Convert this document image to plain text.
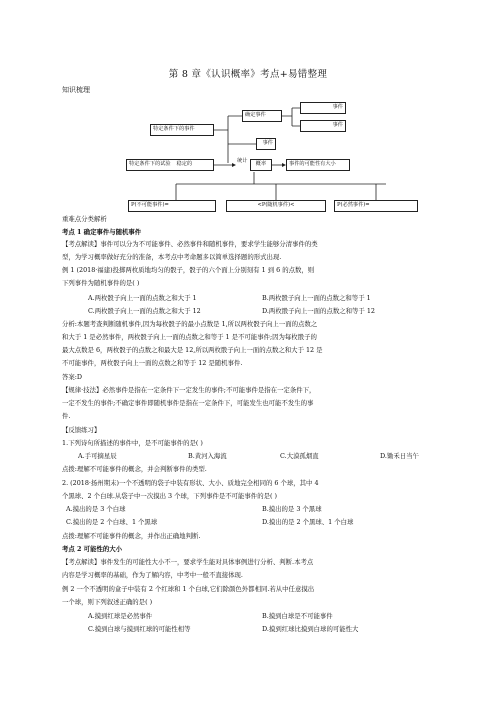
第 8 章《认识概率》考点+易错整理
知识梳理
特定条件下的事件
确定事件
事件
事件
事件
特定条件下的试验 稳定的
统计
概率	事件的可能性有大小
P(不可能事件)=	<P(随机事件)<	P(必然事件)=
重难点分类解析
考点 1 确定事件与随机事件
【考点解读】事件可以分为不可能事件、必然事件和随机事件，要求学生能够分清事件的类
型，为学习概率做好充分的准备，本考点中考命题多以简单选择题的形式出现.
例 1 (2018·福建)投掷两枚质地均匀的骰子，骰子的六个面上分别刻有 1 到 6 的点数，则
下列事件为随机事件的是( )
A.两枚骰子向上一面的点数之和大于 1	B.两枚骰子向上一面的点数之和等于 1
C.两枚骰子向上一面的点数之和大于 12	D.两枚骰子向上一面的点数之和等于 12
分析:本题考查判断随机事件,因为每枚骰子的最小点数是 1,所以两枚骰子向上一面的点数之
和大于 1 是必然事件，两枚骰子向上一面的点数之和等于 1 是不可能事件;因为每枚骰子的
最大点数是 6，两枚骰子的点数之和最大是 12,所以两枚骰子向上一面的点数之和大于 12 是
不可能事件，两枚骰子向上一面的点数之和等于 12 是随机事件.
答案:D
【规律·技法】必然事件是指在一定条件下一定发生的事件;不可能事件是指在一定条件下，
一定不发生的事件;不确定事件即随机事件是指在一定条件下，可能发生也可能不发生的事
件.
【反馈练习】
1.下列诗句所描述的事件中，是不可能事件的是( )
A.手可摘星辰	B.黄河入海流	C.大漠孤烟直	D.锄禾日当午
点拨:理解不可能事件的概念，并会判断事件的类型.
2. (2018·扬州期末)一个不透明的袋子中装有形状、大小、质地完全相同的 6 个球，其中 4
个黑球、2 个白球.从袋子中一次摸出 3 个球，下列事件是不可能事件的是( )
A.摸出的是 3 个白球	B.摸出的是 3 个黑球
C.摸出的是 2 个白球、1 个黑球	D.摸出的是 2 个黑球、1 个白球
点拨:理解不可能事件的概念，并作出正确地判断.
考点 2 可能性的大小
【考点解读】事件发生的可能性大小不一，要求学生能对具体事例进行分析、判断.本考点
内容是学习概率的基础，作为了解内容，中考中一般不直接体现.
例 2 一个不透明的盒子中装有 2 个红球和 1 个白球,它们除颜色外都相同.若从中任意摸出
一个球，则下列叙述正确的是( )
A.摸到红球是必然事件	B.摸到白球是不可能事件
C.摸到白球与摸到红球的可能性相等	D.摸到红球比摸到白球的可能性大
